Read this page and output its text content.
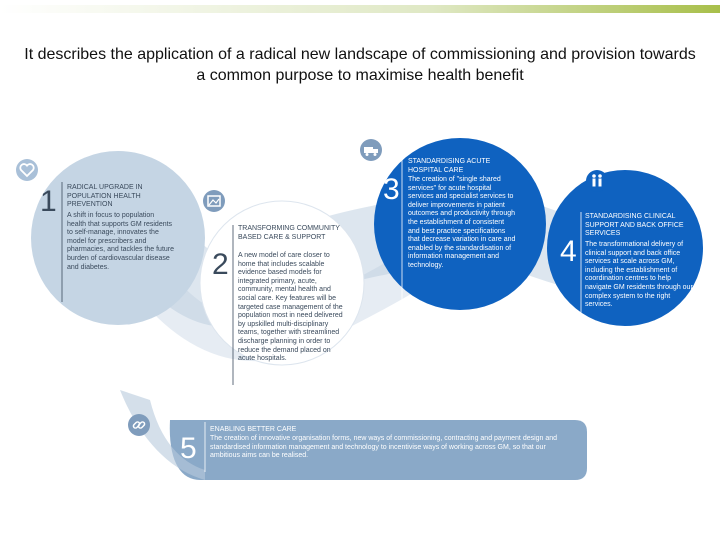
It describes the application of a radical new landscape of commissioning and provision towards a common purpose to maximise health benefit
1 RADICAL UPGRADE IN POPULATION HEALTH PREVENTION
A shift in focus to population health that supports GM residents to self-manage, innovates the model for prescribers and pharmacies, and tackles the future burden of cardiovascular disease and diabetes.	2
TRANSFORMING COMMUNITY BASED CARE & SUPPORT
A new model of care closer to home that includes scalable evidence based models for integrated primary, acute, community, mental health and social care. Key features will be targeted case management of the population most in need delivered by upskilled multi-disciplinary teams, together with streamlined discharge planning in order to reduce the demand placed on acute hospitals.
3
STANDARDISING ACUTE HOSPITAL CARE
The creation of "single shared services" for acute hospital services and specialist services to deliver improvements in patient outcomes and productivity through the establishment of consistent and best practice specifications that decrease variation in care and enabled by the standardisation of information management and technology.	4
STANDARDISING CLINICAL SUPPORT AND BACK OFFICE SERVICES
The transformational delivery of clinical support and back office services at scale across GM, including the establishment of coordination centres to help navigate GM residents through our complex system to the right services.
5
ENABLING BETTER CARE
The creation of innovative organisation forms, new ways of commissioning, contracting and payment design and standardised information management and technology to incentivise ways of working across GM, so that our ambitious aims can be realised.
